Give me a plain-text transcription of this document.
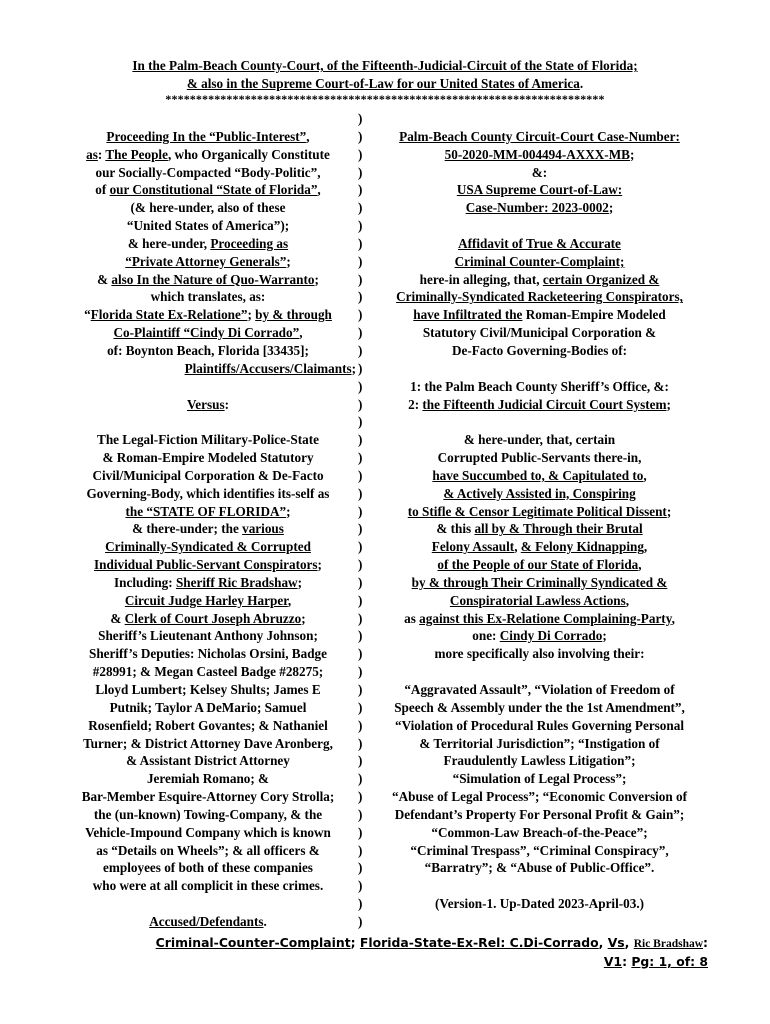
In the Palm-Beach County-Court, of the Fifteenth-Judicial-Circuit of the State of Florida;
& also in the Supreme Court-of-Law for our United States of America.
************************************************************************
Proceeding In the “Public-Interest”,
as: The People, who Organically Constitute
our Socially-Compacted “Body-Politic”,
of our Constitutional “State of Florida”,
(& here-under, also of these
“United States of America”);
& here-under, Proceeding as
“Private Attorney Generals”;
& also In the Nature of Quo-Warranto;
which translates, as:
“Florida State Ex-Relatione”; by & through
Co-Plaintiff “Cindy Di Corrado”,
of: Boynton Beach, Florida [33435];
Plaintiffs/Accusers/Claimants;
Versus:
The Legal-Fiction Military-Police-State
& Roman-Empire Modeled Statutory
Civil/Municipal Corporation & De-Facto
Governing-Body, which identifies its-self as
the “STATE OF FLORIDA”;
& there-under; the various
Criminally-Syndicated & Corrupted
Individual Public-Servant Conspirators;
Including: Sheriff Ric Bradshaw;
Circuit Judge Harley Harper,
& Clerk of Court Joseph Abruzzo;
Sheriff’s Lieutenant Anthony Johnson;
Sheriff’s Deputies: Nicholas Orsini, Badge
#28991; & Megan Casteel Badge #28275;
Lloyd Lumbert; Kelsey Shults; James E
Putnik; Taylor A DeMario; Samuel
Rosenfield; Robert Govantes; & Nathaniel
Turner; & District Attorney Dave Aronberg,
& Assistant District Attorney
Jeremiah Romano; &
Bar-Member Esquire-Attorney Cory Strolla;
the (un-known) Towing-Company, & the
Vehicle-Impound Company which is known
as “Details on Wheels”; & all officers &
employees of both of these companies
who were at all complicit in these crimes.
Accused/Defendants.
)
)
)
)
)
)
)
)
)
)
)
)
)
)
)
)
)
)
)
)
)
)
)
)
)
)
)
)
)
)
)
)
)
)
)
)
)
)
)
)
)
)
)
)
)
)
Palm-Beach County Circuit-Court Case-Number:
50-2020-MM-004494-AXXX-MB;
&:
USA Supreme Court-of-Law:
Case-Number: 2023-0002;
Affidavit of True & Accurate
Criminal Counter-Complaint;
here-in alleging, that, certain Organized &
Criminally-Syndicated Racketeering Conspirators,
have Infiltrated the Roman-Empire Modeled
Statutory Civil/Municipal Corporation &
De-Facto Governing-Bodies of:
1: the Palm Beach County Sheriff’s Office, &:
2: the Fifteenth Judicial Circuit Court System;
& here-under, that, certain
Corrupted Public-Servants there-in,
have Succumbed to, & Capitulated to,
& Actively Assisted in, Conspiring
to Stifle & Censor Legitimate Political Dissent;
& this all by & Through their Brutal
Felony Assault, & Felony Kidnapping,
of the People of our State of Florida,
by & through Their Criminally Syndicated &
Conspiratorial Lawless Actions,
as against this Ex-Relatione Complaining-Party,
one: Cindy Di Corrado;
more specifically also involving their:
“Aggravated Assault”, “Violation of Freedom of
Speech & Assembly under the the 1st Amendment”,
“Violation of Procedural Rules Governing Personal
& Territorial Jurisdiction”; “Instigation of
Fraudulently Lawless Litigation”;
“Simulation of Legal Process”;
“Abuse of Legal Process”; “Economic Conversion of
Defendant’s Property For Personal Profit & Gain”;
“Common-Law Breach-of-the-Peace”;
“Criminal Trespass”, “Criminal Conspiracy”,
“Barratry”; & “Abuse of Public-Office”.
(Version-1. Up-Dated 2023-April-03.)
Criminal-Counter-Complaint; Florida-State-Ex-Rel: C.Di-Corrado, Vs, Ric Bradshaw:
V1: Pg: 1, of: 8
